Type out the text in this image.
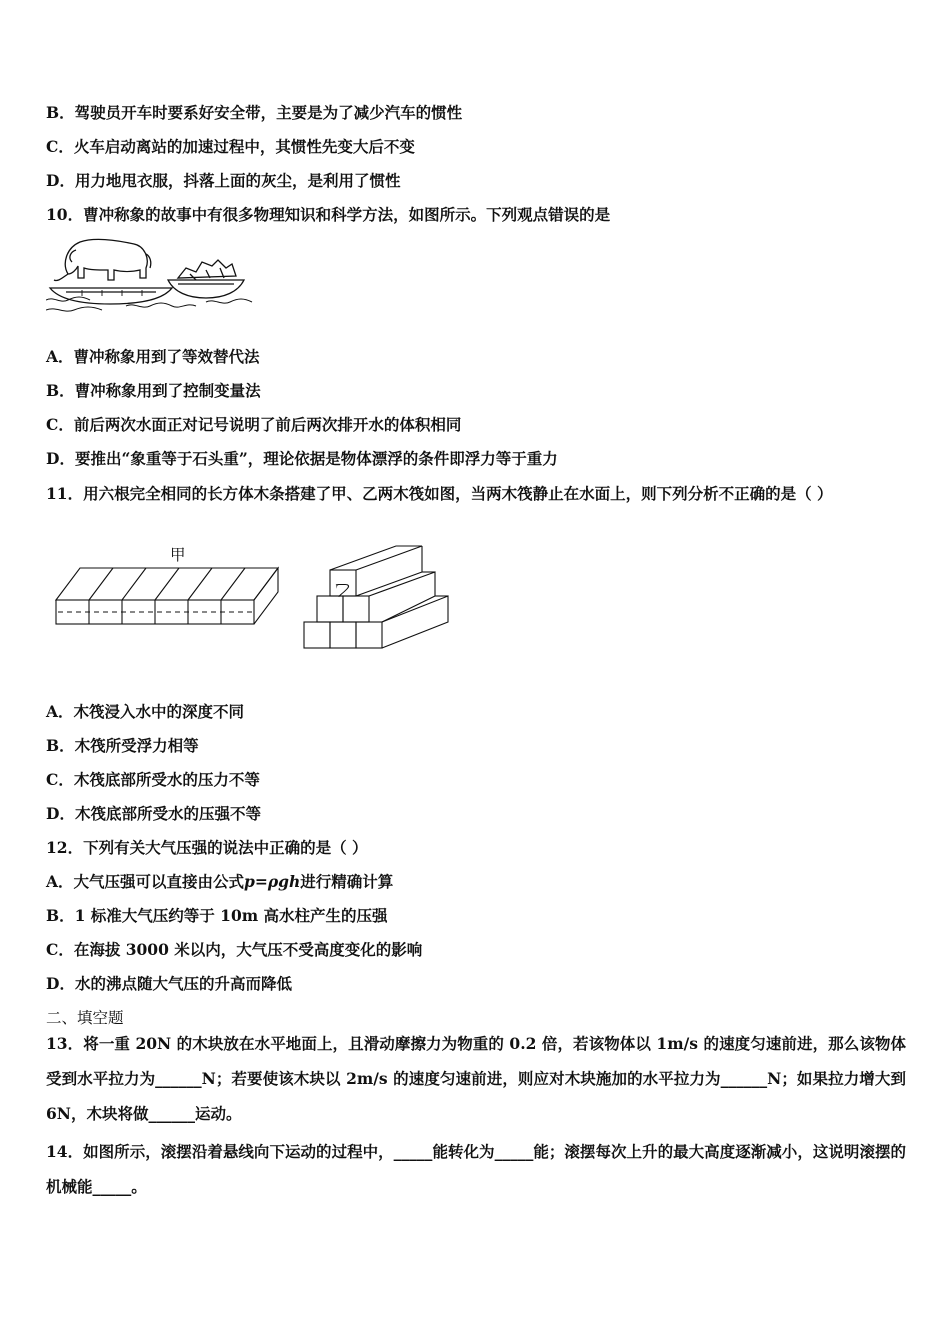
B．驾驶员开车时要系好安全带，主要是为了减少汽车的惯性
C．火车启动离站的加速过程中，其惯性先变大后不变
D．用力地甩衣服，抖落上面的灰尘，是利用了惯性
10．曹冲称象的故事中有很多物理知识和科学方法，如图所示。下列观点错误的是
A．曹冲称象用到了等效替代法
B．曹冲称象用到了控制变量法
C．前后两次水面正对记号说明了前后两次排开水的体积相同
D．要推出“象重等于石头重”，理论依据是物体漂浮的条件即浮力等于重力
11．用六根完全相同的长方体木条搭建了甲、乙两木筏如图，当两木筏静止在水面上，则下列分析不正确的是（ ）
甲
乙
A．木筏浸入水中的深度不同
B．木筏所受浮力相等
C．木筏底部所受水的压力不等
D．木筏底部所受水的压强不等
12．下列有关大气压强的说法中正确的是（ ）
A．大气压强可以直接由公式p=ρgh进行精确计算
B．1 标准大气压约等于 10m 高水柱产生的压强
C．在海拔 3000 米以内，大气压不受高度变化的影响
D．水的沸点随大气压的升高而降低
二、填空题
13．将一重 20N 的木块放在水平地面上，且滑动摩擦力为物重的 0.2 倍，若该物体以 1m/s 的速度匀速前进，那么该物体受到水平拉力为______N；若要使该木块以 2m/s 的速度匀速前进，则应对木块施加的水平拉力为______N；如果拉力增大到 6N，木块将做______运动。
14．如图所示，滚摆沿着悬线向下运动的过程中，_____能转化为_____能；滚摆每次上升的最大高度逐渐减小，这说明滚摆的机械能_____。
